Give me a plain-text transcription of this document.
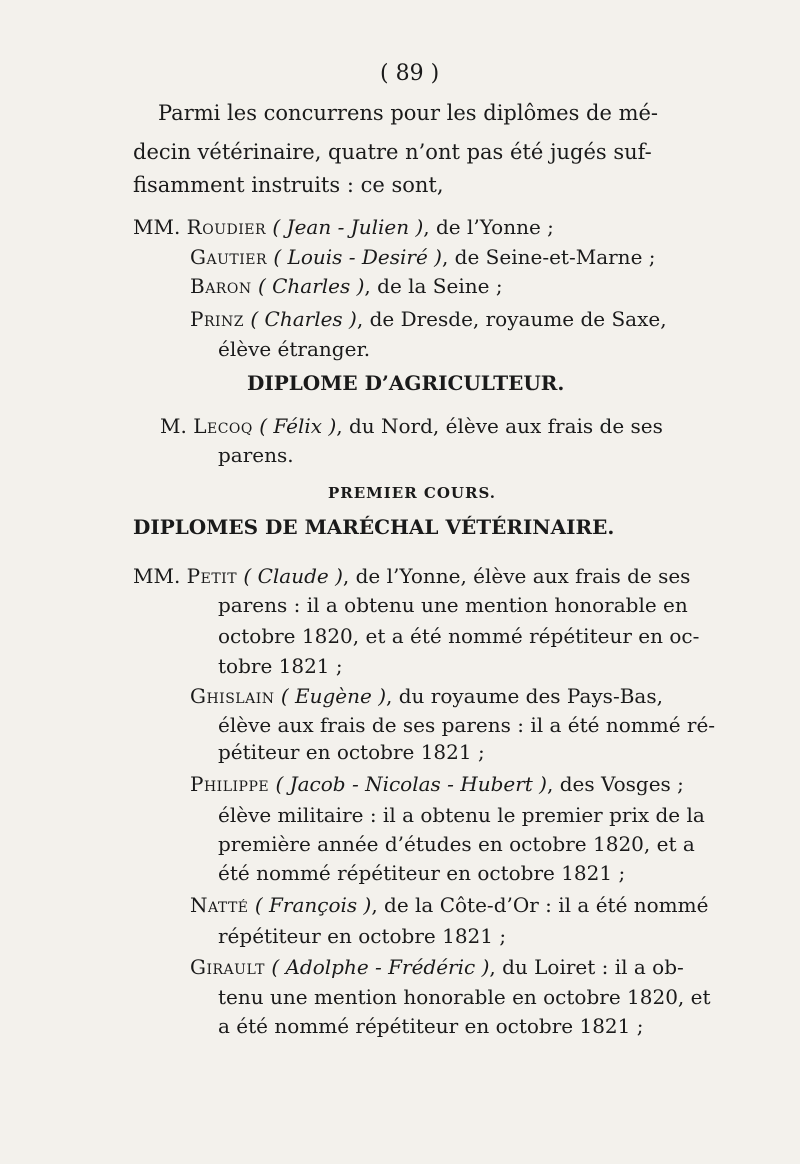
( 89 )
Parmi les concurrens pour les diplômes de mé-
decin vétérinaire, quatre n’ont pas été jugés suf-
fisamment instruits : ce sont,
MM. Roudier ( Jean - Julien ), de l’Yonne ;
Gautier ( Louis - Desiré ), de Seine-et-Marne ;
Baron ( Charles ), de la Seine ;
Prinz ( Charles ), de Dresde, royaume de Saxe,
élève étranger.
DIPLOME D’AGRICULTEUR.
M. Lecoq ( Félix ), du Nord, élève aux frais de ses
parens.
PREMIER COURS.
DIPLOMES DE MARÉCHAL VÉTÉRINAIRE.
MM. Petit ( Claude ), de l’Yonne, élève aux frais de ses
parens : il a obtenu une mention honorable en
octobre 1820, et a été nommé répétiteur en oc-
tobre 1821 ;
Ghislain ( Eugène ), du royaume des Pays-Bas,
élève aux frais de ses parens : il a été nommé ré-
pétiteur en octobre 1821 ;
Philippe ( Jacob - Nicolas - Hubert ), des Vosges ;
élève militaire : il a obtenu le premier prix de la
première année d’études en octobre 1820, et a
été nommé répétiteur en octobre 1821 ;
Natté ( François ), de la Côte-d’Or : il a été nommé
répétiteur en octobre 1821 ;
Girault ( Adolphe - Frédéric ), du Loiret : il a ob-
tenu une mention honorable en octobre 1820, et
a été nommé répétiteur en octobre 1821 ;
